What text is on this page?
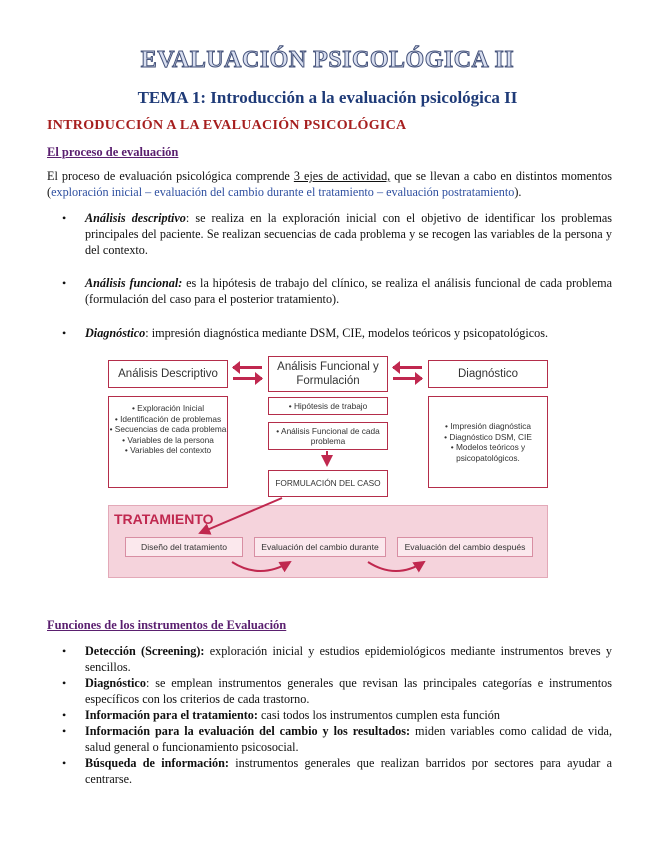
EVALUACIÓN PSICOLÓGICA II
TEMA 1: Introducción a la evaluación psicológica II
INTRODUCCIÓN A LA EVALUACIÓN PSICOLÓGICA
El proceso de evaluación

El proceso de evaluación psicológica comprende 3 ejes de actividad, que se llevan a cabo en distintos momentos (exploración inicial – evaluación del cambio durante el tratamiento – evaluación postratamiento).

• Análisis descriptivo: se realiza en la exploración inicial con el objetivo de identificar los problemas principales del paciente. Se realizan secuencias de cada problema y se recogen las variables de la persona y del contexto.
• Análisis funcional: es la hipótesis de trabajo del clínico, se realiza el análisis funcional de cada problema (formulación del caso para el posterior tratamiento).
• Diagnóstico: impresión diagnóstica mediante DSM, CIE, modelos teóricos y psicopatológicos.
Análisis Descriptivo
Análisis Funcional y Formulación
Diagnóstico
• Exploración Inicial
• Identificación de problemas
• Secuencias de cada problema
• Variables de la persona
• Variables del contexto
• Hipótesis de trabajo
• Análisis Funcional de cada problema
FORMULACIÓN DEL CASO
• Impresión diagnóstica
• Diagnóstico DSM, CIE
• Modelos teóricos y psicopatológicos.
TRATAMIENTO
Diseño del tratamiento	Evaluación del cambio durante	Evaluación del cambio después
Funciones de los instrumentos de Evaluación
• Detección (Screening): exploración inicial y estudios epidemiológicos mediante instrumentos breves y sencillos.
• Diagnóstico: se emplean instrumentos generales que revisan las principales categorías e instrumentos específicos con los criterios de cada trastorno.
• Información para el tratamiento: casi todos los instrumentos cumplen esta función
• Información para la evaluación del cambio y los resultados: miden variables como calidad de vida, salud general o funcionamiento psicosocial.
• Búsqueda de información: instrumentos generales que realizan barridos por sectores para ayudar a centrarse.
